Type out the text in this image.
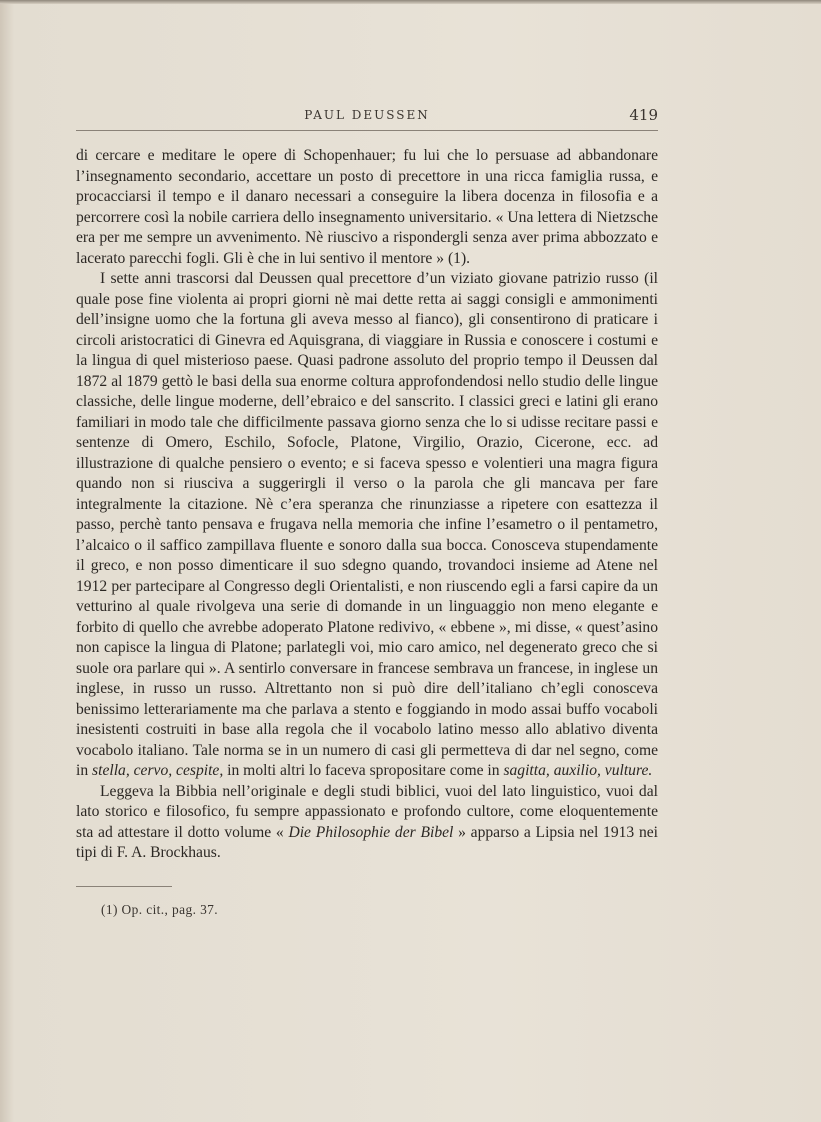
PAUL DEUSSEN	419

di cercare e meditare le opere di Schopenhauer; fu lui che lo persuase ad abbandonare l’insegnamento secondario, accettare un posto di precettore in una ricca famiglia russa, e procacciarsi il tempo e il danaro necessari a conseguire la libera docenza in filosofia e a percorrere così la nobile carriera dello insegnamento universitario. « Una lettera di Nietzsche era per me sempre un avvenimento. Nè riuscivo a rispondergli senza aver prima abbozzato e lacerato parecchi fogli. Gli è che in lui sentivo il mentore » (1).

I sette anni trascorsi dal Deussen qual precettore d’un viziato giovane patrizio russo (il quale pose fine violenta ai propri giorni nè mai dette retta ai saggi consigli e ammonimenti dell’insigne uomo che la fortuna gli aveva messo al fianco), gli consentirono di praticare i circoli aristocratici di Ginevra ed Aquisgrana, di viaggiare in Russia e conoscere i costumi e la lingua di quel misterioso paese. Quasi padrone assoluto del proprio tempo il Deussen dal 1872 al 1879 gettò le basi della sua enorme coltura approfondendosi nello studio delle lingue classiche, delle lingue moderne, dell’ebraico e del sanscrito. I classici greci e latini gli erano familiari in modo tale che difficilmente passava giorno senza che lo si udisse recitare passi e sentenze di Omero, Eschilo, Sofocle, Platone, Virgilio, Orazio, Cicerone, ecc. ad illustrazione di qualche pensiero o evento; e si faceva spesso e volentieri una magra figura quando non si riusciva a suggerirgli il verso o la parola che gli mancava per fare integralmente la citazione. Nè c’era speranza che rinunziasse a ripetere con esattezza il passo, perchè tanto pensava e frugava nella memoria che infine l’esametro o il pentametro, l’alcaico o il saffico zampillava fluente e sonoro dalla sua bocca. Conosceva stupendamente il greco, e non posso dimenticare il suo sdegno quando, trovandoci insieme ad Atene nel 1912 per partecipare al Congresso degli Orientalisti, e non riuscendo egli a farsi capire da un vetturino al quale rivolgeva una serie di domande in un linguaggio non meno elegante e forbito di quello che avrebbe adoperato Platone redivivo, « ebbene », mi disse, « quest’asino non capisce la lingua di Platone; parlategli voi, mio caro amico, nel degenerato greco che si suole ora parlare qui ». A sentirlo conversare in francese sembrava un francese, in inglese un inglese, in russo un russo. Altrettanto non si può dire dell’italiano ch’egli conosceva benissimo letterariamente ma che parlava a stento e foggiando in modo assai buffo vocaboli inesistenti costruiti in base alla regola che il vocabolo latino messo allo ablativo diventa vocabolo italiano. Tale norma se in un numero di casi gli permetteva di dar nel segno, come in stella, cervo, cespite, in molti altri lo faceva spropositare come in sagitta, auxilio, vulture.

Leggeva la Bibbia nell’originale e degli studi biblici, vuoi del lato linguistico, vuoi dal lato storico e filosofico, fu sempre appassionato e profondo cultore, come eloquentemente sta ad attestare il dotto volume « Die Philosophie der Bibel » apparso a Lipsia nel 1913 nei tipi di F. A. Brockhaus.

(1) Op. cit., pag. 37.
